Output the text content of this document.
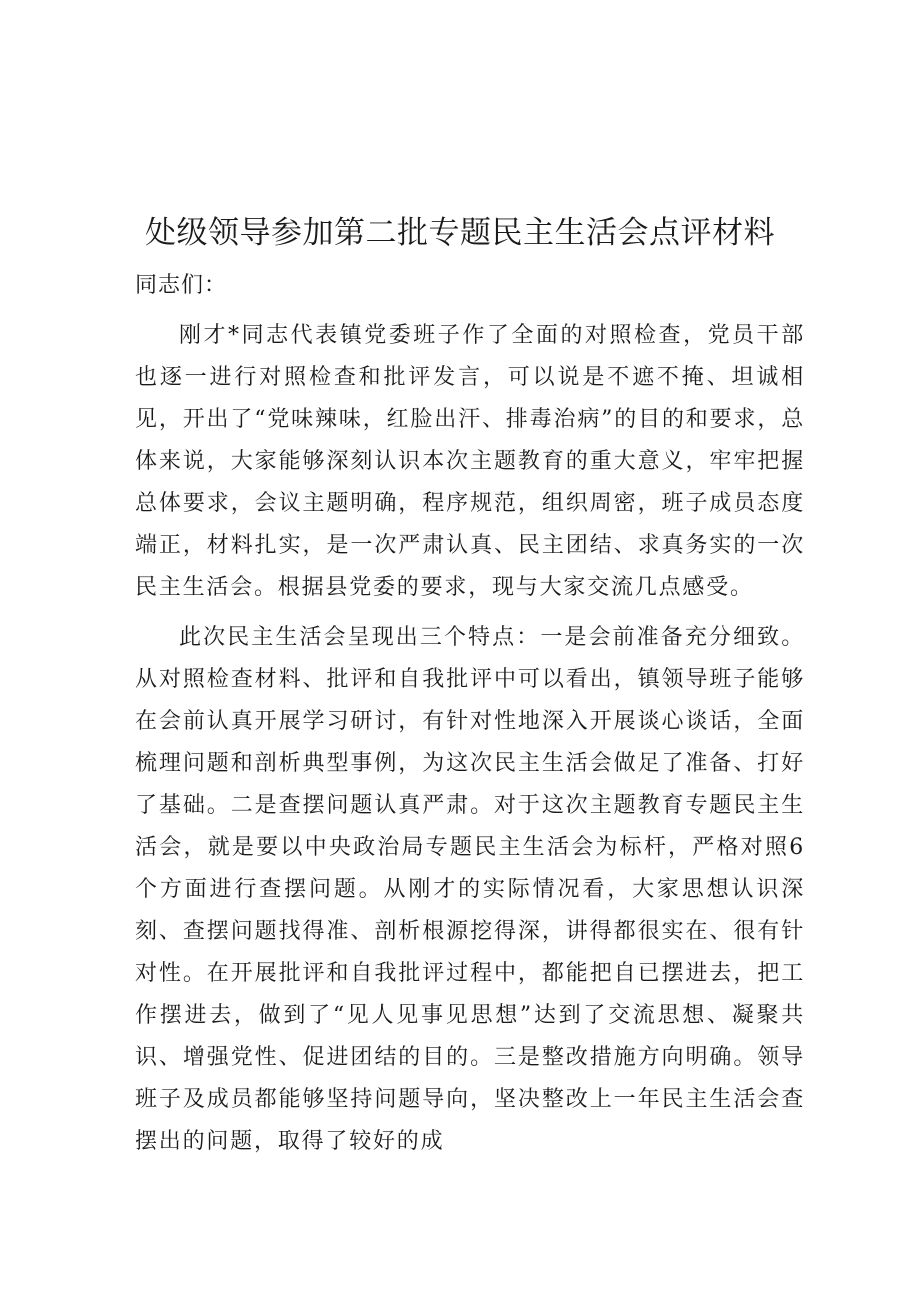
处级领导参加第二批专题民主生活会点评材料

同志们：

刚才*同志代表镇党委班子作了全面的对照检查，党员干部也逐一进行对照检查和批评发言，可以说是不遮不掩、坦诚相见，开出了“党味辣味，红脸出汗、排毒治病”的目的和要求，总体来说，大家能够深刻认识本次主题教育的重大意义，牢牢把握总体要求，会议主题明确，程序规范，组织周密，班子成员态度端正，材料扎实，是一次严肃认真、民主团结、求真务实的一次民主生活会。根据县党委的要求，现与大家交流几点感受。

此次民主生活会呈现出三个特点：一是会前准备充分细致。从对照检查材料、批评和自我批评中可以看出，镇领导班子能够在会前认真开展学习研讨，有针对性地深入开展谈心谈话，全面梳理问题和剖析典型事例，为这次民主生活会做足了准备、打好了基础。二是查摆问题认真严肃。对于这次主题教育专题民主生活会，就是要以中央政治局专题民主生活会为标杆，严格对照6个方面进行查摆问题。从刚才的实际情况看，大家思想认识深刻、查摆问题找得准、剖析根源挖得深，讲得都很实在、很有针对性。在开展批评和自我批评过程中，都能把自已摆进去，把工作摆进去，做到了“见人见事见思想”达到了交流思想、凝聚共识、增强党性、促进团结的目的。三是整改措施方向明确。领导班子及成员都能够坚持问题导向，坚决整改上一年民主生活会查摆出的问题，取得了较好的成
